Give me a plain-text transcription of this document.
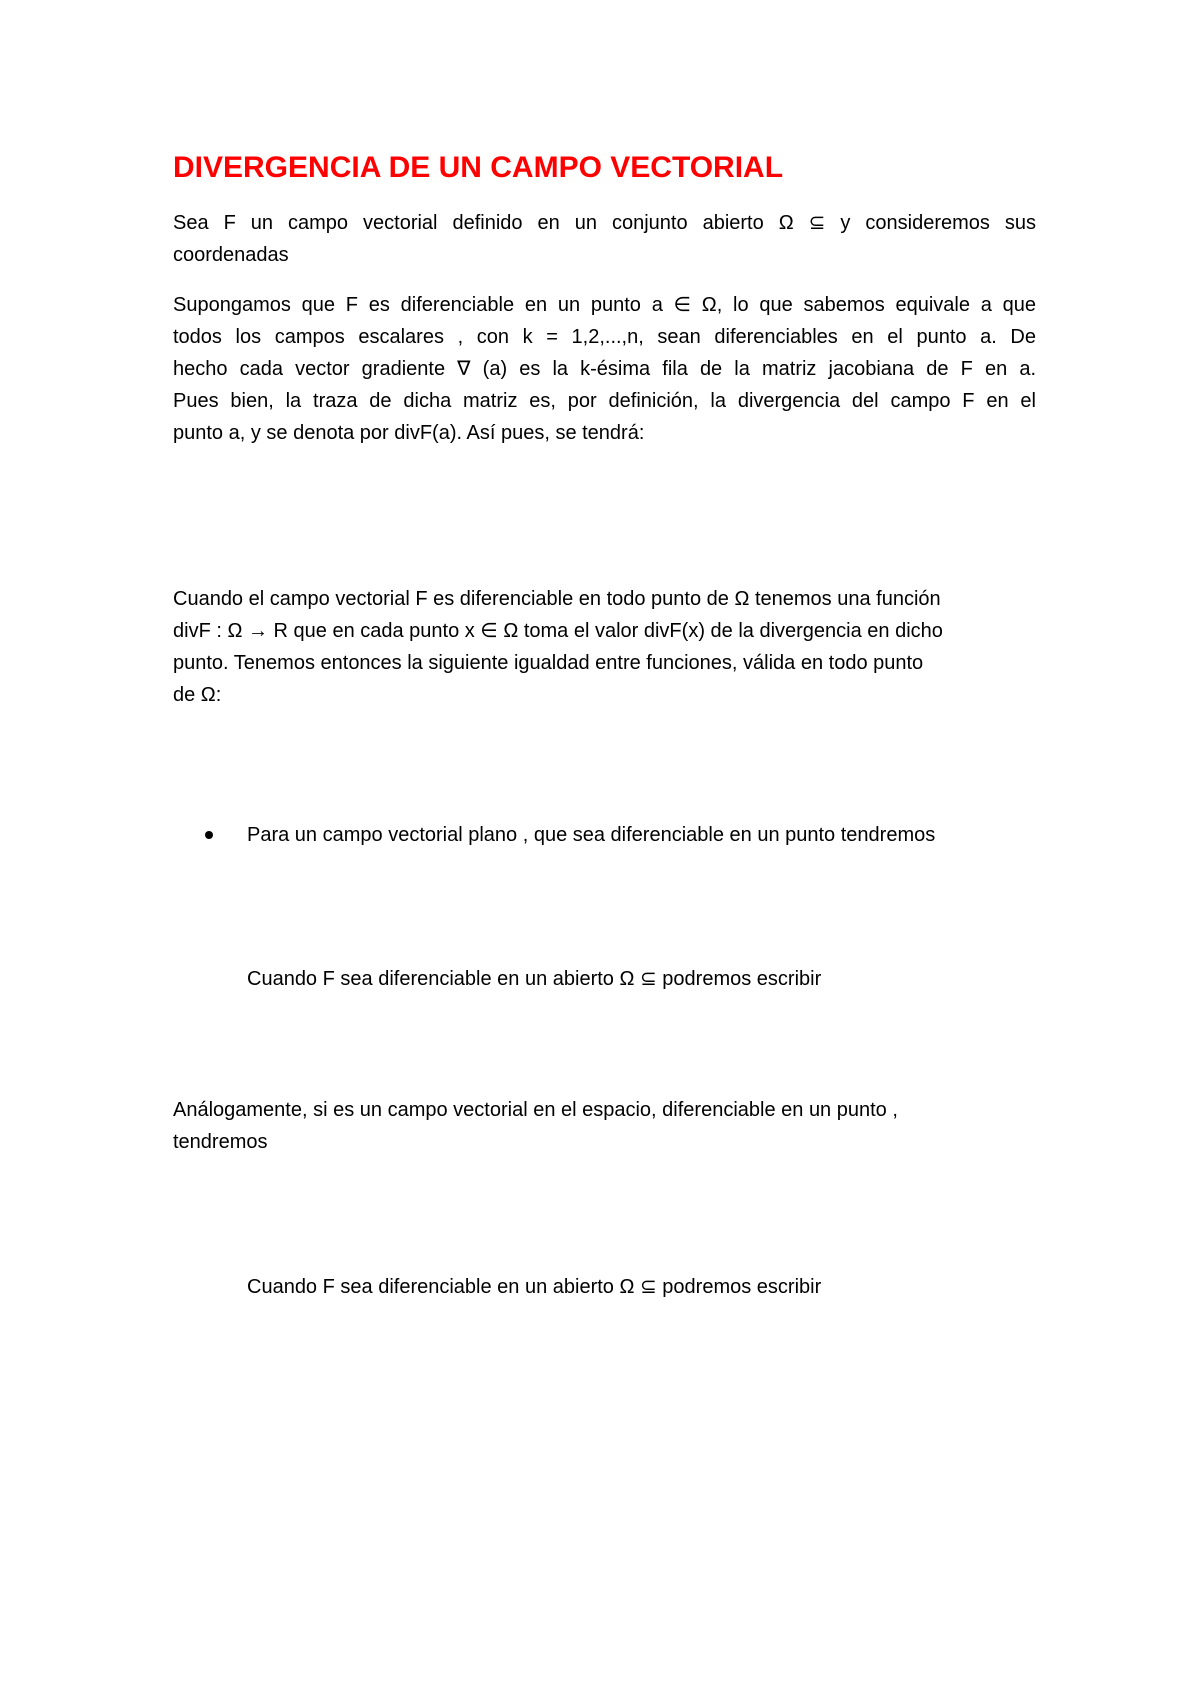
DIVERGENCIA DE UN CAMPO VECTORIAL
Sea F un campo vectorial definido en un conjunto abierto Ω ⊆ y consideremos sus
coordenadas
Supongamos que F es diferenciable en un punto a ∈ Ω, lo que sabemos equivale a que
todos los campos escalares , con k = 1,2,...,n, sean diferenciables en el punto a. De
hecho cada vector gradiente ∇ (a) es la k-ésima fila de la matriz jacobiana de F en a.
Pues bien, la traza de dicha matriz es, por definición, la divergencia del campo F en el
punto a, y se denota por divF(a). Así pues, se tendrá:
Cuando el campo vectorial F es diferenciable en todo punto de Ω tenemos una función
divF : Ω → R que en cada punto x ∈ Ω toma el valor divF(x) de la divergencia en dicho
punto. Tenemos entonces la siguiente igualdad entre funciones, válida en todo punto
de Ω:
Para un campo vectorial plano , que sea diferenciable en un punto tendremos

Cuando F sea diferenciable en un abierto Ω ⊆ podremos escribir

Análogamente, si es un campo vectorial en el espacio, diferenciable en un punto ,
tendremos

Cuando F sea diferenciable en un abierto Ω ⊆ podremos escribir
